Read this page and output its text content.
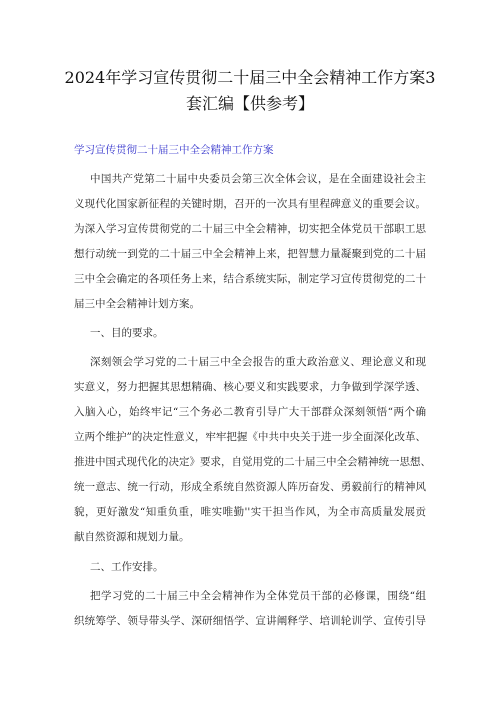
2024年学习宣传贯彻二十届三中全会精神工作方案3
套汇编【供参考】
学习宣传贯彻二十届三中全会精神工作方案
中国共产党第二十届中央委员会第三次全体会议，是在全面建设社会主
义现代化国家新征程的关键时期，召开的一次具有里程碑意义的重要会议。
为深入学习宣传贯彻党的二十届三中全会精神，切实把全体党员干部职工思
想行动统一到党的二十届三中全会精神上来，把智慧力量凝聚到党的二十届
三中全会确定的各项任务上来，结合系统实际，制定学习宣传贯彻党的二十
届三中全会精神计划方案。
一、目的要求。
深刻领会学习党的二十届三中全会报告的重大政治意义、理论意义和现
实意义，努力把握其思想精确、核心要义和实践要求，力争做到学深学透、
入脑入心，始终牢记“三个务必二教育引导广大干部群众深刻领悟“两个确
立两个维护”的决定性意义，牢牢把握《中共中央关于进一步全面深化改革、
推进中国式现代化的决定》要求，自觉用党的二十届三中全会精神统一思想、
统一意志、统一行动，形成全系统自然资源人阵历奋发、勇毅前行的精神风
貌，更好激发“知重负重，唯实唯勤''实干担当作风，为全市高质量发展贡
献自然资源和规划力量。
二、工作安排。
把学习党的二十届三中全会精神作为全体党员干部的必修课，围绕“组
织统筹学、领导带头学、深研细悟学、宣讲阐释学、培训轮训学、宣传引导
